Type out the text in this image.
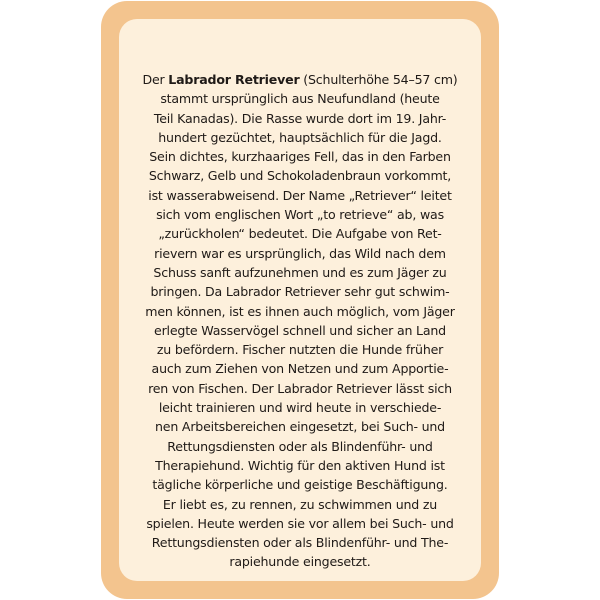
Der Labrador Retriever (Schulterhöhe 54–57 cm)
stammt ursprünglich aus Neufundland (heute
Teil Kanadas). Die Rasse wurde dort im 19. Jahr-
hundert gezüchtet, hauptsächlich für die Jagd.
Sein dichtes, kurzhaariges Fell, das in den Farben
Schwarz, Gelb und Schokoladenbraun vorkommt,
ist wasserabweisend. Der Name „Retriever“ leitet
sich vom englischen Wort „to retrieve“ ab, was
„zurückholen“ bedeutet. Die Aufgabe von Ret-
rievern war es ursprünglich, das Wild nach dem
Schuss sanft aufzunehmen und es zum Jäger zu
bringen. Da Labrador Retriever sehr gut schwim-
men können, ist es ihnen auch möglich, vom Jäger
erlegte Wasservögel schnell und sicher an Land
zu befördern. Fischer nutzten die Hunde früher
auch zum Ziehen von Netzen und zum Apportie-
ren von Fischen. Der Labrador Retriever lässt sich
leicht trainieren und wird heute in verschiede-
nen Arbeitsbereichen eingesetzt, bei Such- und
Rettungsdiensten oder als Blindenführ- und
Therapiehund. Wichtig für den aktiven Hund ist
tägliche körperliche und geistige Beschäftigung.
Er liebt es, zu rennen, zu schwimmen und zu
spielen. Heute werden sie vor allem bei Such- und
Rettungsdiensten oder als Blindenführ- und The-
rapiehunde eingesetzt.
